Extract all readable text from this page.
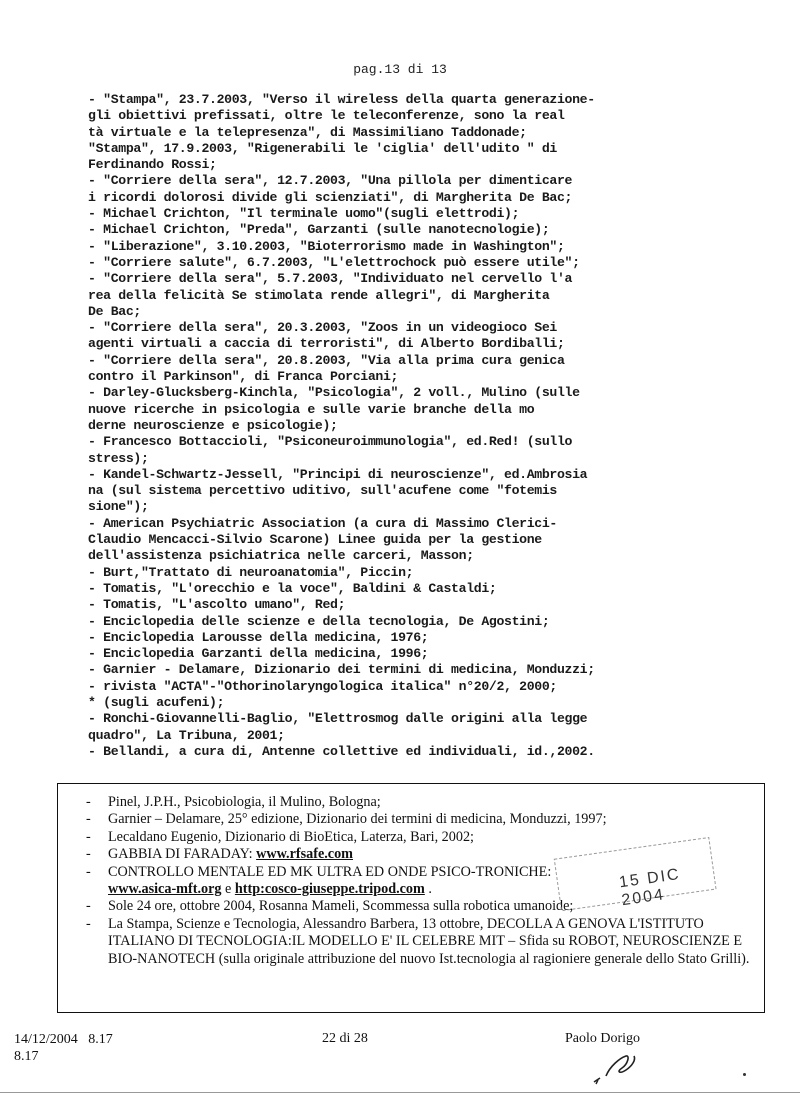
pag.13 di 13
- "Stampa", 23.7.2003, "Verso il wireless della quarta generazione-
gli obiettivi prefissati, oltre le teleconferenze, sono la real
tà virtuale e la telepresenza", di Massimiliano Taddonade;
"Stampa", 17.9.2003, "Rigenerabili le 'ciglia' dell'udito " di
Ferdinando Rossi;
- "Corriere della sera", 12.7.2003, "Una pillola per dimenticare
i ricordi dolorosi divide gli scienziati", di Margherita De Bac;
- Michael Crichton, "Il terminale uomo"(sugli elettrodi);
- Michael Crichton, "Preda", Garzanti (sulle nanotecnologie);
- "Liberazione", 3.10.2003, "Bioterrorismo made in Washington";
- "Corriere salute", 6.7.2003, "L'elettrochock può essere utile";
- "Corriere della sera", 5.7.2003, "Individuato nel cervello l'a
rea della felicità Se stimolata rende allegri", di Margherita
De Bac;
- "Corriere della sera", 20.3.2003, "Zoos in un videogioco Sei
agenti virtuali a caccia di terroristi", di Alberto Bordiballi;
- "Corriere della sera", 20.8.2003, "Via alla prima cura genica
contro il Parkinson", di Franca Porciani;
- Darley-Glucksberg-Kinchla, "Psicologia", 2 voll., Mulino (sulle
nuove ricerche in psicologia e sulle varie branche della mo
derne neuroscienze e psicologie);
- Francesco Bottaccioli, "Psiconeuroimmunologia", ed.Red! (sullo
stress);
- Kandel-Schwartz-Jessell, "Principi di neuroscienze", ed.Ambrosia
na (sul sistema percettivo uditivo, sull'acufene come "fotemis
sione");
- American Psychiatric Association (a cura di Massimo Clerici-
Claudio Mencacci-Silvio Scarone) Linee guida per la gestione
dell'assistenza psichiatrica nelle carceri, Masson;
- Burt,"Trattato di neuroanatomia", Piccin;
- Tomatis, "L'orecchio e la voce", Baldini & Castaldi;
- Tomatis, "L'ascolto umano", Red;
- Enciclopedia delle scienze e della tecnologia, De Agostini;
- Enciclopedia Larousse della medicina, 1976;
- Enciclopedia Garzanti della medicina, 1996;
- Garnier - Delamare, Dizionario dei termini di medicina, Monduzzi;
- rivista "ACTA"-"Othorinolaryngologica italica" n°20/2, 2000;
* (sugli acufeni);
- Ronchi-Giovannelli-Baglio, "Elettrosmog dalle origini alla legge
quadro", La Tribuna, 2001;
- Bellandi, a cura di, Antenne collettive ed individuali, id.,2002.
- Pinel, J.P.H., Psicobiologia, il Mulino, Bologna;
- Garnier – Delamare, 25° edizione, Dizionario dei termini di medicina, Monduzzi, 1997;
- Lecaldano Eugenio, Dizionario di BioEtica, Laterza, Bari, 2002;
- GABBIA DI FARADAY: www.rfsafe.com
- CONTROLLO MENTALE ED MK ULTRA ED ONDE PSICO-TRONICHE:
www.asica-mft.org e http:cosco-giuseppe.tripod.com .
- Sole 24 ore, ottobre 2004, Rosanna Mameli, Scommessa sulla robotica umanoide;
- La Stampa, Scienze e Tecnologia, Alessandro Barbera, 13 ottobre, DECOLLA A GENOVA L'ISTITUTO ITALIANO DI TECNOLOGIA:IL MODELLO E' IL CELEBRE MIT – Sfida su ROBOT, NEUROSCIENZE E BIO-NANOTECH (sulla originale attribuzione del nuovo Ist.tecnologia al ragioniere generale dello Stato Grilli).
15 DIC 2004
14/12/2004 8.17
8.17
22 di 28	Paolo Dorigo
